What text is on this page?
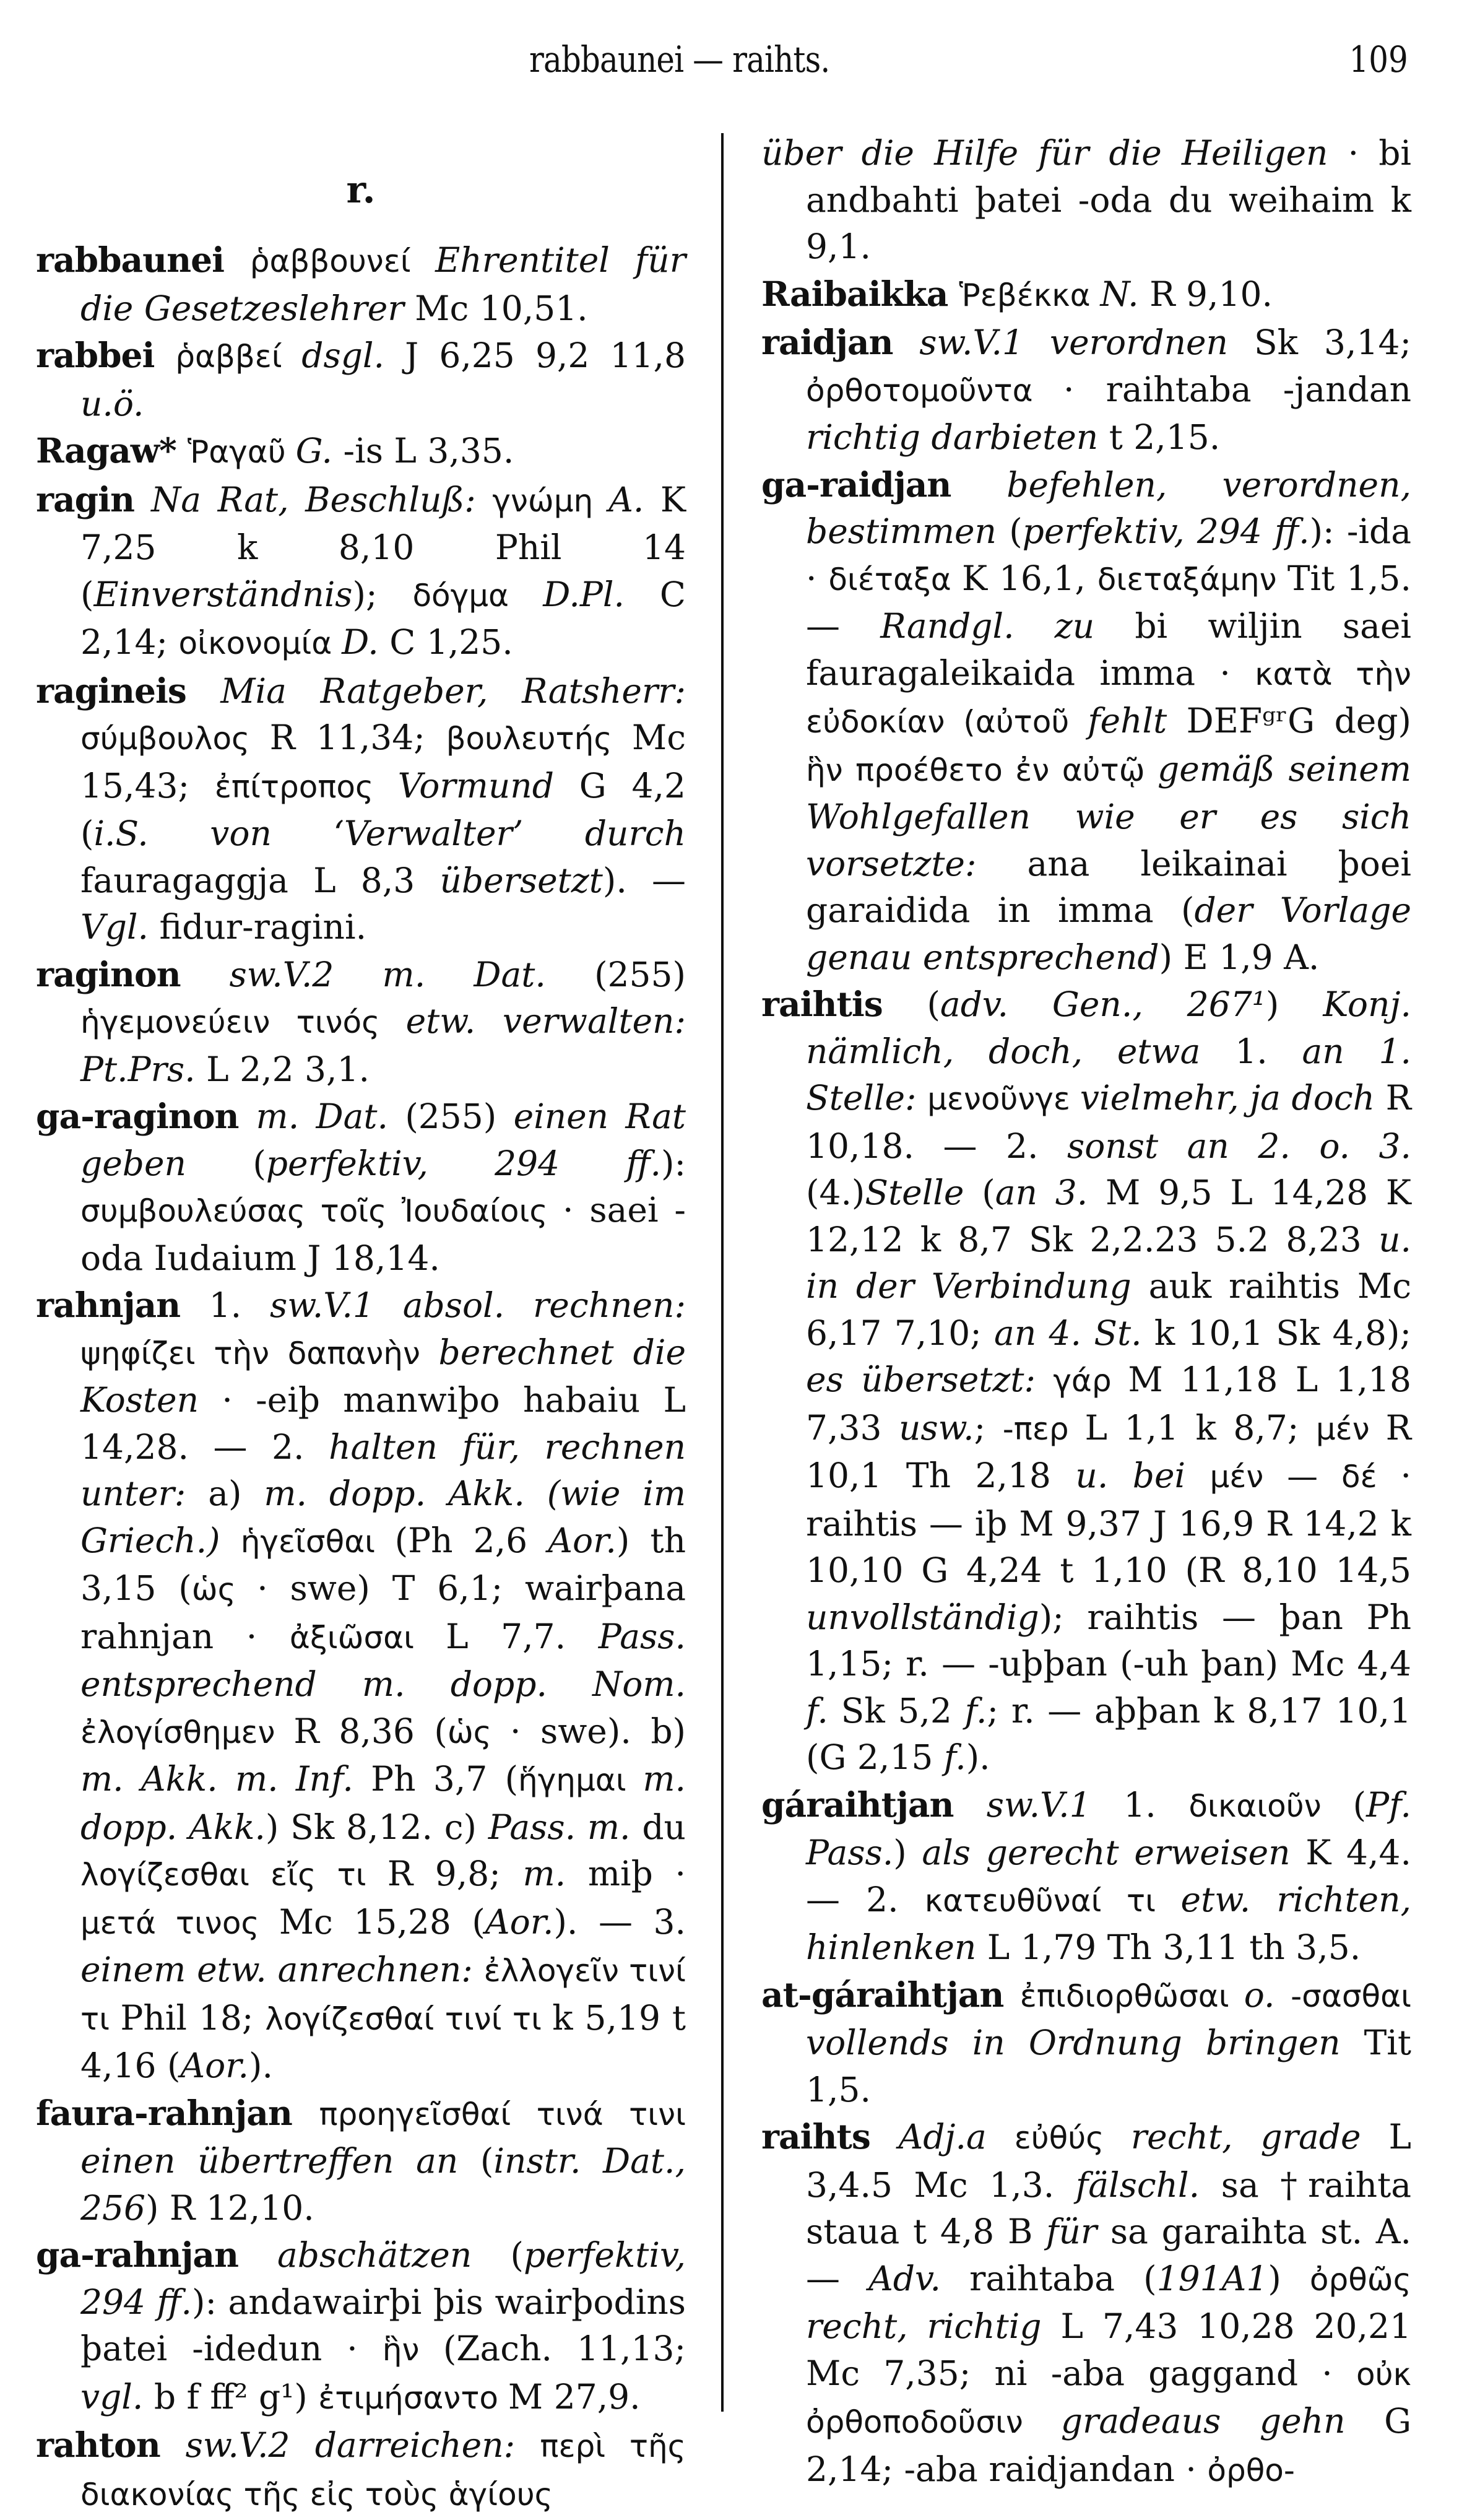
rabbaunei — raihts.	109
r.

rabbaunei ῥαββουνεί Ehrentitel für die Gesetzeslehrer Mc 10,51.

rabbei ῥαββεί dsgl. J 6,25 9,2 11,8 u.ö.

Ragaw* Ῥαγαῦ G. -is L 3,35.

ragin Na Rat, Beschluß: γνώμη A. K 7,25 k 8,10 Phil 14 (Einverständnis); δόγμα D.Pl. C 2,14; οἰκονομία D. C 1,25.

ragineis Mia Ratgeber, Ratsherr: σύμβουλος R 11,34; βουλευτής Mc 15,43; ἐπίτροπος Vormund G 4,2 (i.S. von ‘Verwalter’ durch fauragaggja L 8,3 übersetzt). — Vgl. fidur-ragini.

raginon sw.V.2 m. Dat. (255) ἡγεμονεύειν τινός etw. verwalten: Pt.Prs. L 2,2 3,1.

ga-raginon m. Dat. (255) einen Rat geben (perfektiv, 294 ff.): συμβουλεύσας τοῖς Ἰουδαίοις · saei -oda Iudaium J 18,14.

rahnjan 1. sw.V.1 absol. rechnen: ψηφίζει τὴν δαπανὴν berechnet die Kosten · -eiþ manwiþo habaiu L 14,28. — 2. halten für, rechnen unter: a) m. dopp. Akk. (wie im Griech.) ἡγεῖσθαι (Ph 2,6 Aor.) th 3,15 (ὡς · swe) T 6,1; wairþana rahnjan · ἀξιῶσαι L 7,7. Pass. entsprechend m. dopp. Nom. ἐλογίσθημεν R 8,36 (ὡς · swe). b) m. Akk. m. Inf. Ph 3,7 (ἥγημαι m. dopp. Akk.) Sk 8,12. c) Pass. m. du λογίζεσθαι εἴς τι R 9,8; m. miþ · μετά τινος Mc 15,28 (Aor.). — 3. einem etw. anrechnen: ἐλλογεῖν τινί τι Phil 18; λογίζεσθαί τινί τι k 5,19 t 4,16 (Aor.).

faura-rahnjan προηγεῖσθαί τινά τινι einen übertreffen an (instr. Dat., 256) R 12,10.

ga-rahnjan abschätzen (perfektiv, 294 ff.): andawairþi þis wairþodins þatei -idedun · ἣν (Zach. 11,13; vgl. b f ff² g¹) ἐτιμήσαντο M 27,9.

rahton sw.V.2 darreichen: περὶ τῆς διακονίας τῆς εἰς τοὺς ἁγίους

über die Hilfe für die Heiligen · bi andbahti þatei -oda du weihaim k 9,1.

Raibaikka Ῥεβέκκα N. R 9,10.

raidjan sw.V.1 verordnen Sk 3,14; ὀρθοτομοῦντα · raihtaba -jandan richtig darbieten t 2,15.

ga-raidjan befehlen, verordnen, bestimmen (perfektiv, 294 ff.): -ida · διέταξα K 16,1, διεταξάμην Tit 1,5. — Randgl. zu bi wiljin saei fauragaleikaida imma · κατὰ τὴν εὐδοκίαν (αὐτοῦ fehlt DEFᵍʳG deg) ἣν προέθετο ἐν αὐτῷ gemäß seinem Wohlgefallen wie er es sich vorsetzte: ana leikainai þoei garaidida in imma (der Vorlage genau entsprechend) E 1,9 A.

raihtis (adv. Gen., 267¹) Konj. nämlich, doch, etwa 1. an 1. Stelle: μενοῦνγε vielmehr, ja doch R 10,18. — 2. sonst an 2. o. 3. (4.)Stelle (an 3. M 9,5 L 14,28 K 12,12 k 8,7 Sk 2,2.23 5.2 8,23 u. in der Verbindung auk raihtis Mc 6,17 7,10; an 4. St. k 10,1 Sk 4,8); es übersetzt: γάρ M 11,18 L 1,18 7,33 usw.; -περ L 1,1 k 8,7; μέν R 10,1 Th 2,18 u. bei μέν — δέ · raihtis — iþ M 9,37 J 16,9 R 14,2 k 10,10 G 4,24 t 1,10 (R 8,10 14,5 unvollständig); raihtis — þan Ph 1,15; r. — -uþþan (-uh þan) Mc 4,4 f. Sk 5,2 f.; r. — aþþan k 8,17 10,1 (G 2,15 f.).

gáraihtjan sw.V.1 1. δικαιοῦν (Pf. Pass.) als gerecht erweisen K 4,4. — 2. κατευθῦναί τι etw. richten, hinlenken L 1,79 Th 3,11 th 3,5.

at-gáraihtjan ἐπιδιορθῶσαι o. -σασθαι vollends in Ordnung bringen Tit 1,5.

raihts Adj.a εὐθύς recht, grade L 3,4.5 Mc 1,3. fälschl. sa †raihta staua t 4,8 B für sa garaihta st. A. — Adv. raihtaba (191A1) ὀρθῶς recht, richtig L 7,43 10,28 20,21 Mc 7,35; ni -aba gaggand · οὐκ ὀρθοποδοῦσιν gradeaus gehn G 2,14; -aba raidjandan · ὀρθο-
